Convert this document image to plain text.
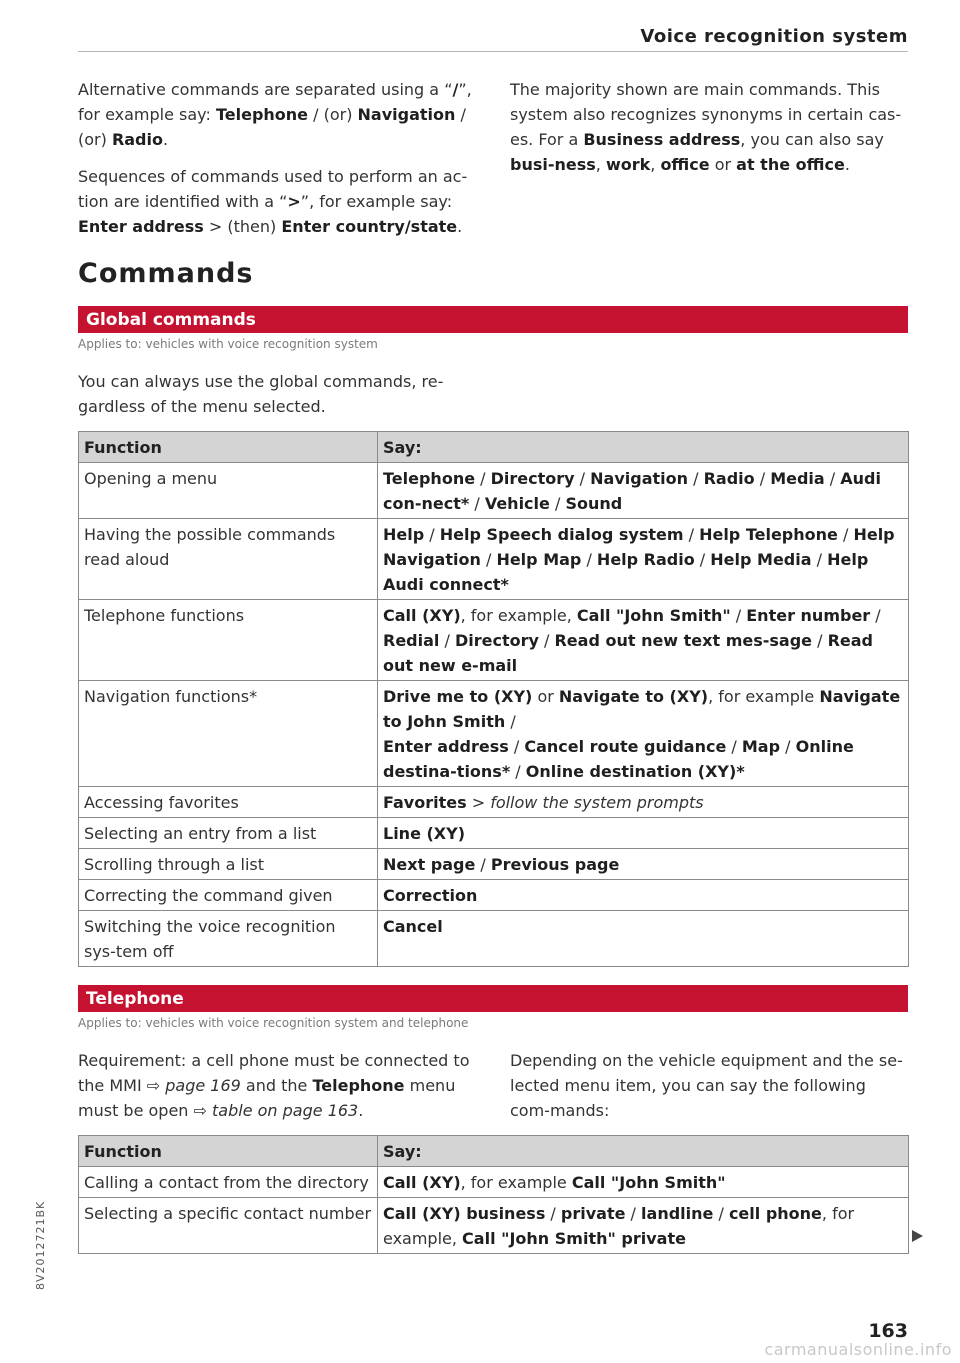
Voice recognition system

Alternative commands are separated using a “/”, for example say: Telephone / (or) Navigation / (or) Radio.

Sequences of commands used to perform an ac-tion are identified with a “>”, for example say: Enter address > (then) Enter country/state.

The majority shown are main commands. This system also recognizes synonyms in certain cas-es. For a Business address, you can also say busi-ness, work, office or at the office.

Commands
Global commands
Applies to: vehicles with voice recognition system
You can always use the global commands, re-gardless of the menu selected.
Function	Say:
Opening a menu	Telephone / Directory / Navigation / Radio / Media / Audi con-nect* / Vehicle / Sound
Having the possible commands read aloud	Help / Help Speech dialog system / Help Telephone / Help Navigation / Help Map / Help Radio / Help Media / Help Audi connect*
Telephone functions	Call (XY), for example, Call "John Smith" / Enter number / Redial / Directory / Read out new text mes-sage / Read out new e-mail
Navigation functions*	Drive me to (XY) or Navigate to (XY), for example Navigate to John Smith /
Enter address / Cancel route guidance / Map / Online destina-tions* / Online destination (XY)*
Accessing favorites	Favorites > follow the system prompts
Selecting an entry from a list	Line (XY)
Scrolling through a list	Next page / Previous page
Correcting the command given	Correction
Switching the voice recognition sys-tem off	Cancel
Telephone
Applies to: vehicles with voice recognition system and telephone

Requirement: a cell phone must be connected to the MMI ⇨ page 169 and the Telephone menu must be open ⇨ table on page 163.

Depending on the vehicle equipment and the se-lected menu item, you can say the following com-mands:
Function	Say:
Calling a contact from the directory	Call (XY), for example Call "John Smith"
Selecting a specific contact number	Call (XY) business / private / landline / cell phone, for example, Call "John Smith" private
8V2012721BK
163
carmanualsonline.info
